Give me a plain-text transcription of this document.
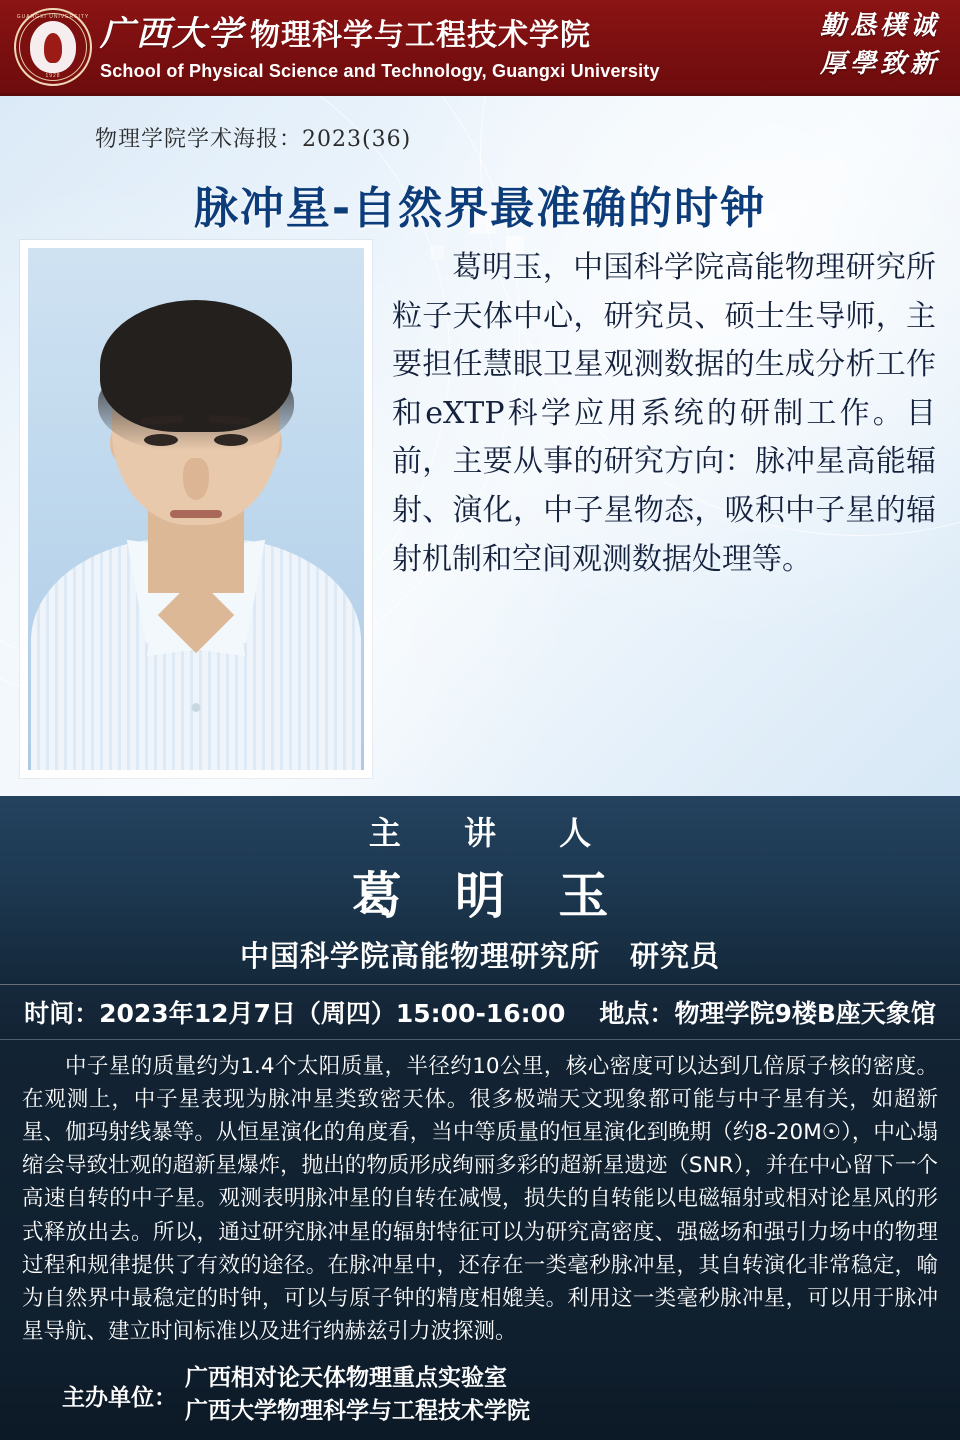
GUANGXI UNIVERSITY
1928
广西大学 物理科学与工程技术学院
School of Physical Science and Technology, Guangxi University
勤恳樸诚
厚學致新
物理学院学术海报：2023(36)
脉冲星-自然界最准确的时钟
葛明玉，中国科学院高能物理研究所粒子天体中心，研究员、硕士生导师，主要担任慧眼卫星观测数据的生成分析工作和eXTP科学应用系统的研制工作。目前，主要从事的研究方向：脉冲星高能辐射、演化，中子星物态，吸积中子星的辐射机制和空间观测数据处理等。
主 讲 人
葛 明 玉
中国科学院高能物理研究所　研究员
时间： 2023年12月7日（周四）15:00-16:00 地点： 物理学院9楼B座天象馆

中子星的质量约为1.4个太阳质量，半径约10公里，核心密度可以达到几倍原子核的密度。在观测上，中子星表现为脉冲星类致密天体。很多极端天文现象都可能与中子星有关，如超新星、伽玛射线暴等。从恒星演化的角度看，当中等质量的恒星演化到晚期（约8-20M☉），中心塌缩会导致壮观的超新星爆炸，抛出的物质形成绚丽多彩的超新星遗迹（SNR），并在中心留下一个高速自转的中子星。观测表明脉冲星的自转在减慢，损失的自转能以电磁辐射或相对论星风的形式释放出去。所以，通过研究脉冲星的辐射特征可以为研究高密度、强磁场和强引力场中的物理过程和规律提供了有效的途径。在脉冲星中，还存在一类毫秒脉冲星，其自转演化非常稳定，喻为自然界中最稳定的时钟，可以与原子钟的精度相媲美。利用这一类毫秒脉冲星，可以用于脉冲星导航、建立时间标准以及进行纳赫兹引力波探测。

主办单位：
广西相对论天体物理重点实验室
广西大学物理科学与工程技术学院
